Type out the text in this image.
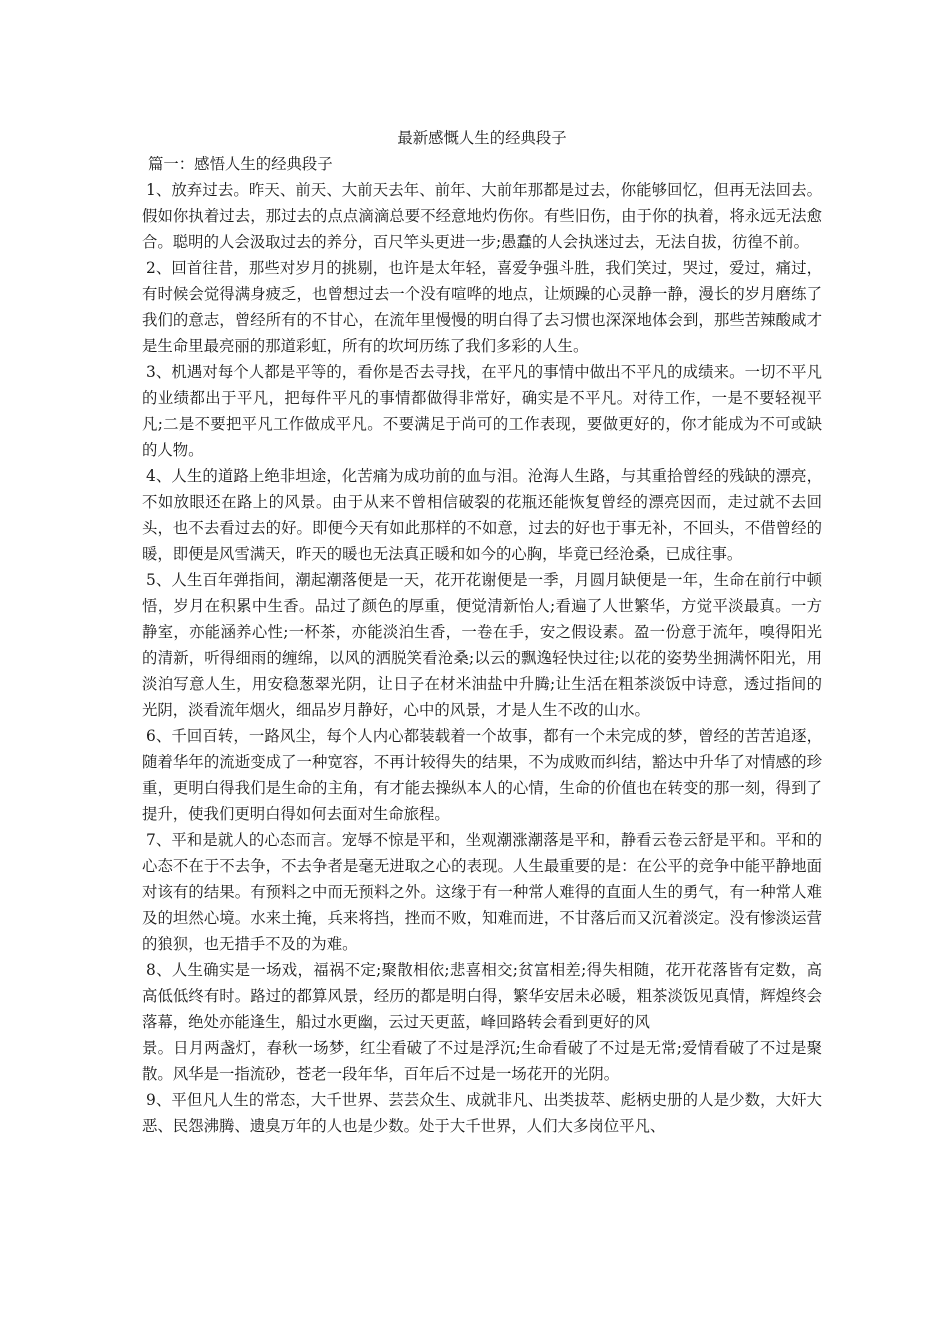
最新感慨人生的经典段子
篇一：感悟人生的经典段子

1、放弃过去。昨天、前天、大前天去年、前年、大前年那都是过去，你能够回忆，但再无法回去。假如你执着过去，那过去的点点滴滴总要不经意地灼伤你。有些旧伤，由于你的执着，将永远无法愈合。聪明的人会汲取过去的养分，百尺竿头更进一步;愚蠢的人会执迷过去，无法自拔，彷徨不前。

2、回首往昔，那些对岁月的挑剔，也许是太年轻，喜爱争强斗胜，我们笑过，哭过，爱过，痛过，有时候会觉得满身疲乏，也曾想过去一个没有喧哗的地点，让烦躁的心灵静一静，漫长的岁月磨练了我们的意志，曾经所有的不甘心，在流年里慢慢的明白得了去习惯也深深地体会到，那些苦辣酸咸才是生命里最亮丽的那道彩虹，所有的坎坷历练了我们多彩的人生。

3、机遇对每个人都是平等的，看你是否去寻找，在平凡的事情中做出不平凡的成绩来。一切不平凡的业绩都出于平凡，把每件平凡的事情都做得非常好，确实是不平凡。对待工作，一是不要轻视平凡;二是不要把平凡工作做成平凡。不要满足于尚可的工作表现，要做更好的，你才能成为不可或缺的人物。

4、人生的道路上绝非坦途，化苦痛为成功前的血与泪。沧海人生路，与其重拾曾经的残缺的漂亮，不如放眼还在路上的风景。由于从来不曾相信破裂的花瓶还能恢复曾经的漂亮因而，走过就不去回头，也不去看过去的好。即便今天有如此那样的不如意，过去的好也于事无补，不回头，不借曾经的暖，即便是风雪满天，昨天的暖也无法真正暖和如今的心胸，毕竟已经沧桑，已成往事。

5、人生百年弹指间，潮起潮落便是一天，花开花谢便是一季，月圆月缺便是一年，生命在前行中顿悟，岁月在积累中生香。品过了颜色的厚重，便觉清新怡人;看遍了人世繁华，方觉平淡最真。一方静室，亦能涵养心性;一杯茶，亦能淡泊生香，一卷在手，安之假设素。盈一份意于流年，嗅得阳光的清新，听得细雨的缠绵，以风的洒脱笑看沧桑;以云的飘逸轻快过往;以花的姿势坐拥满怀阳光，用淡泊写意人生，用安稳葱翠光阴，让日子在材米油盐中升腾;让生活在粗茶淡饭中诗意，透过指间的光阴，淡看流年烟火，细品岁月静好，心中的风景，才是人生不改的山水。

6、千回百转，一路风尘，每个人内心都装载着一个故事，都有一个未完成的梦，曾经的苦苦追逐，随着华年的流逝变成了一种宽容，不再计较得失的结果，不为成败而纠结，豁达中升华了对情感的珍重，更明白得我们是生命的主角，有才能去操纵本人的心情，生命的价值也在转变的那一刻，得到了提升，使我们更明白得如何去面对生命旅程。

7、平和是就人的心态而言。宠辱不惊是平和，坐观潮涨潮落是平和，静看云卷云舒是平和。平和的心态不在于不去争，不去争者是毫无进取之心的表现。人生最重要的是：在公平的竞争中能平静地面对该有的结果。有预料之中而无预料之外。这缘于有一种常人难得的直面人生的勇气，有一种常人难及的坦然心境。水来土掩，兵来将挡，挫而不败，知难而进，不甘落后而又沉着淡定。没有惨淡运营的狼狈，也无措手不及的为难。

8、人生确实是一场戏，福祸不定;聚散相依;悲喜相交;贫富相差;得失相随，花开花落皆有定数，高高低低终有时。路过的都算风景，经历的都是明白得，繁华安居未必暖，粗茶淡饭见真情，辉煌终会落幕，绝处亦能逢生，船过水更幽，云过天更蓝，峰回路转会看到更好的风

景。日月两盏灯，春秋一场梦，红尘看破了不过是浮沉;生命看破了不过是无常;爱情看破了不过是聚散。风华是一指流砂，苍老一段年华，百年后不过是一场花开的光阴。

9、平但凡人生的常态，大千世界、芸芸众生、成就非凡、出类拔萃、彪柄史册的人是少数，大奸大恶、民怨沸腾、遗臭万年的人也是少数。处于大千世界，人们大多岗位平凡、
